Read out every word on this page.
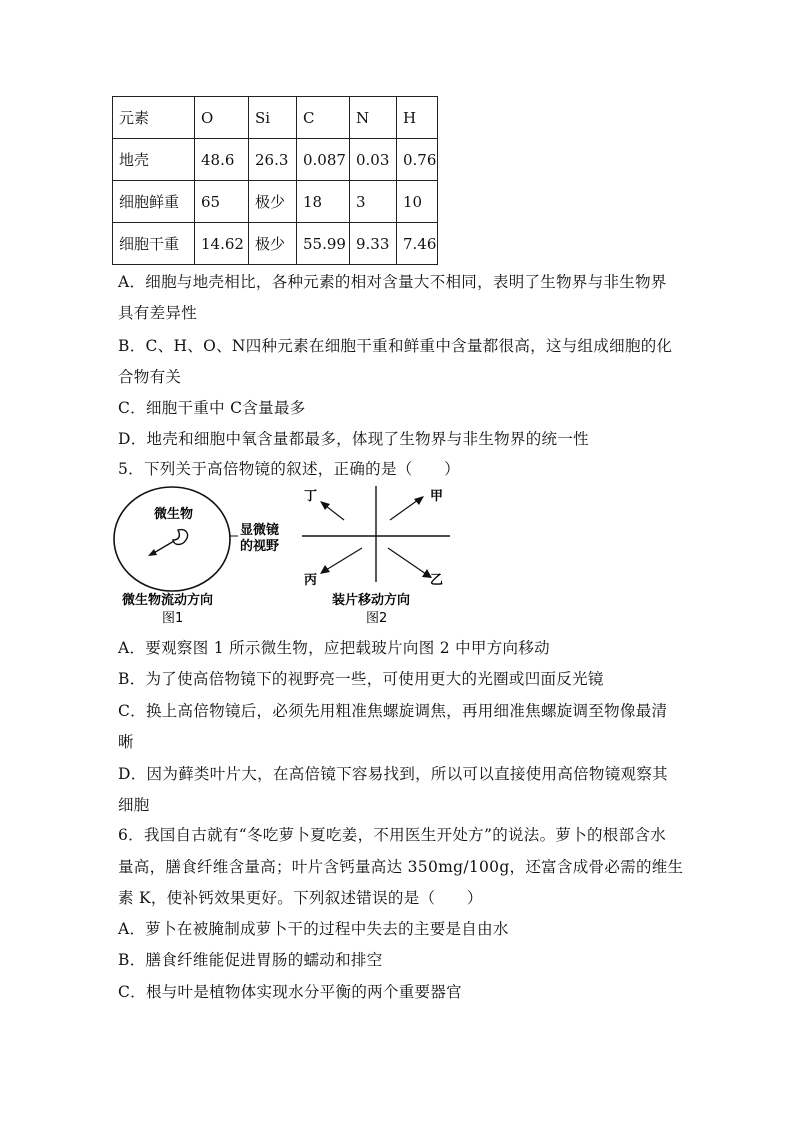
元素	O	Si	C	N	H
地壳	48.6	26.3	0.087	0.03	0.76
细胞鲜重	65	极少	18	3	10
细胞干重	14.62	极少	55.99	9.33	7.46
A．细胞与地壳相比，各种元素的相对含量大不相同，表明了生物界与非生物界
具有差异性
B．C、H、O、N四种元素在细胞干重和鲜重中含量都很高，这与组成细胞的化
合物有关
C．细胞干重中 C含量最多
D．地壳和细胞中氧含量都最多，体现了生物界与非生物界的统一性
5．下列关于高倍物镜的叙述，正确的是（　　）
微生物
显微镜
的视野
微生物流动方向
图1
丁	甲
丙	乙
装片移动方向
图2
A．要观察图 1 所示微生物，应把载玻片向图 2 中甲方向移动
B．为了使高倍物镜下的视野亮一些，可使用更大的光圈或凹面反光镜
C．换上高倍物镜后，必须先用粗准焦螺旋调焦，再用细准焦螺旋调至物像最清
晰
D．因为藓类叶片大，在高倍镜下容易找到，所以可以直接使用高倍物镜观察其
细胞
6．我国自古就有“冬吃萝卜夏吃姜，不用医生开处方”的说法。萝卜的根部含水
量高，膳食纤维含量高；叶片含钙量高达 350mg/100g，还富含成骨必需的维生
素 K，使补钙效果更好。下列叙述错误的是（　　）
A．萝卜在被腌制成萝卜干的过程中失去的主要是自由水
B．膳食纤维能促进胃肠的蠕动和排空
C．根与叶是植物体实现水分平衡的两个重要器官
